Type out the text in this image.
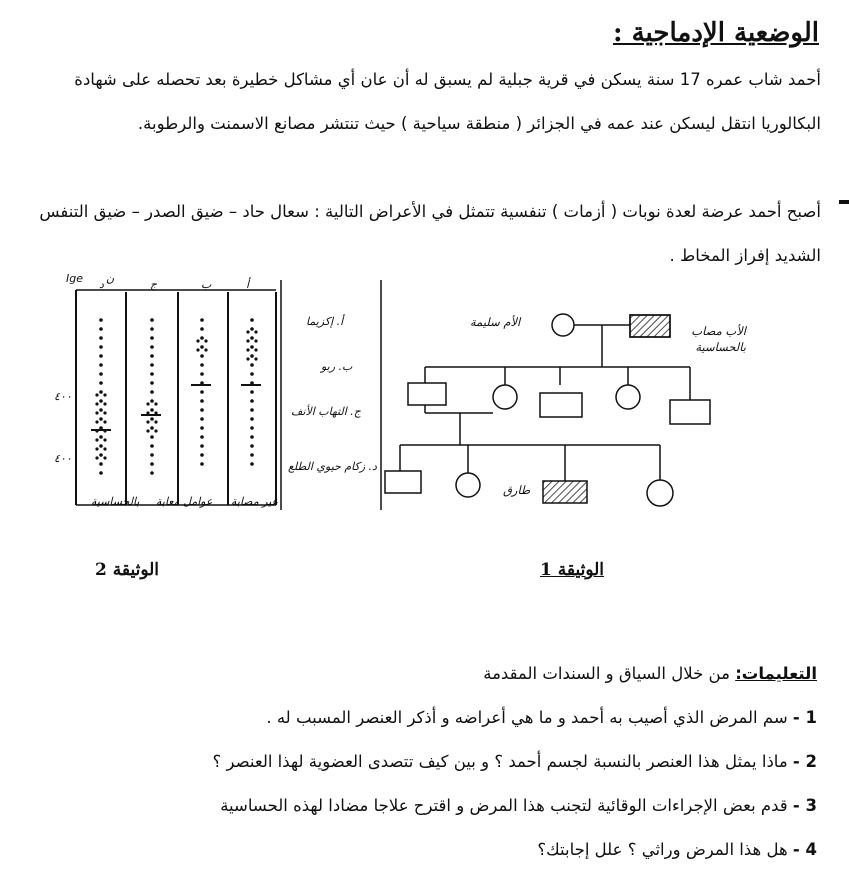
الوضعية الإدماجية :
أحمد شاب عمره 17 سنة يسكن في قرية جبلية لم يسبق له أن عان أي مشاكل خطيرة بعد تحصله على شهادة البكالوريا انتقل ليسكن عند عمه في الجزائر ( منطقة سياحية ) حيث تنتشر مصانع الاسمنت والرطوبة.
أصبح أحمد عرضة لعدة نوبات ( أزمات ) تنفسية تتمثل في الأعراض التالية : سعال حاد – ضيق الصدر – ضيق التنفس الشديد إفراز المخاط .
Ige ن	أ
ب
ج
د
٤٠٠
٤٠٠
أ. إكزيما
ب. ربو
ج. التهاب الأنف
د. زكام حيوي الطلع
غير مصابة
عوامل معابة
بالحساسية
الأم سليمة
الأب مصاب بالحساسية
طارق
الوثيقة 1
الوثيقة 2
التعليمات: من خلال السياق و السندات المقدمة
1 - سم المرض الذي أصيب به أحمد و ما هي أعراضه و أذكر العنصر المسبب له .
2 - ماذا يمثل هذا العنصر بالنسبة لجسم أحمد ؟ و بين كيف تتصدى العضوية لهذا العنصر ؟
3 - قدم بعض الإجراءات الوقائية لتجنب هذا المرض و اقترح علاجا مضادا لهذه الحساسية
4 - هل هذا المرض وراثي ؟ علل إجابتك؟
